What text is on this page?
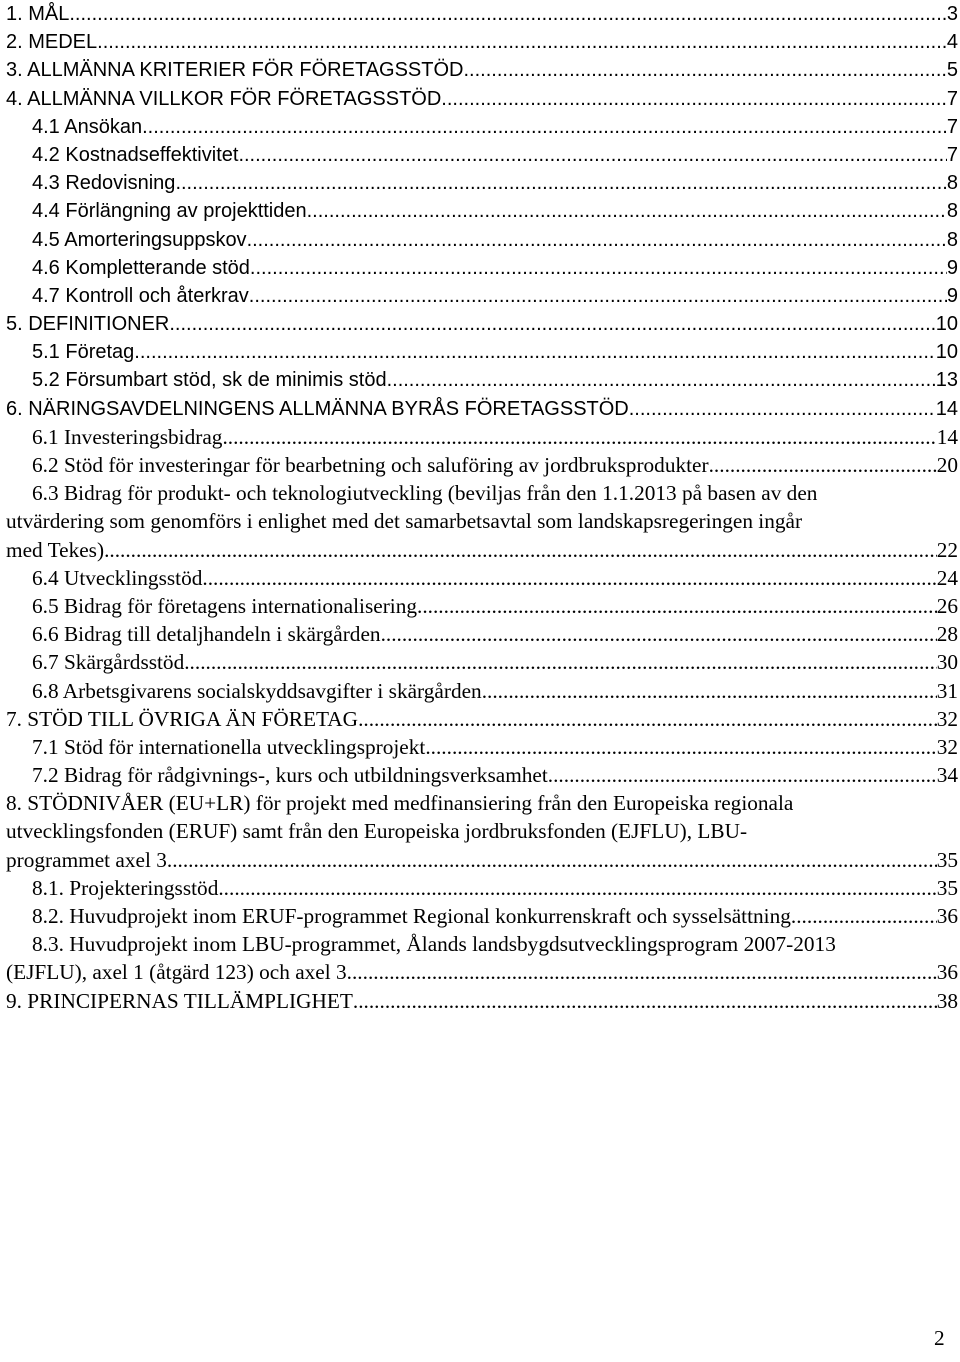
1. MÅL .....	3
2. MEDEL .....	4
3. ALLMÄNNA KRITERIER FÖR FÖRETAGSSTÖD .....	5
4. ALLMÄNNA VILLKOR FÖR FÖRETAGSSTÖD .....	7
4.1 Ansökan .....	7
4.2 Kostnadseffektivitet .....	7
4.3 Redovisning .....	8
4.4 Förlängning av projekttiden .....	8
4.5 Amorteringsuppskov .....	8
4.6 Kompletterande stöd .....	9
4.7 Kontroll och återkrav .....	9
5. DEFINITIONER .....	10
5.1 Företag .....	10
5.2 Försumbart stöd, sk de minimis stöd .....	13
6. NÄRINGSAVDELNINGENS ALLMÄNNA BYRÅS FÖRETAGSSTÖD .....	14
6.1 Investeringsbidrag .....	14
6.2 Stöd för investeringar för bearbetning och saluföring av jordbruksprodukter .....	20
6.3 Bidrag för produkt- och teknologiutveckling (beviljas från den 1.1.2013 på basen av den
utvärdering som genomförs i enlighet med det samarbetsavtal som landskapsregeringen ingår
med Tekes) .....	22
6.4 Utvecklingsstöd .....	24
6.5 Bidrag för företagens internationalisering .....	26
6.6 Bidrag till detaljhandeln i skärgården .....	28
6.7 Skärgårdsstöd .....	30
6.8 Arbetsgivarens socialskyddsavgifter i skärgården .....	31
7. STÖD TILL ÖVRIGA ÄN FÖRETAG .....	32
7.1 Stöd för internationella utvecklingsprojekt .....	32
7.2 Bidrag för rådgivnings-, kurs och utbildningsverksamhet .....	34
8. STÖDNIVÅER (EU+LR) för projekt med medfinansiering från den Europeiska regionala
utvecklingsfonden (ERUF) samt från den Europeiska jordbruksfonden (EJFLU), LBU-
programmet axel 3. .....	35
8.1. Projekteringsstöd .....	35
8.2. Huvudprojekt inom ERUF-programmet Regional konkurrenskraft och sysselsättning .....	36
8.3. Huvudprojekt inom LBU-programmet, Ålands landsbygdsutvecklingsprogram 2007-2013
(EJFLU), axel 1 (åtgärd 123) och axel 3 .....	36
9. PRINCIPERNAS TILLÄMPLIGHET .....	38
2
